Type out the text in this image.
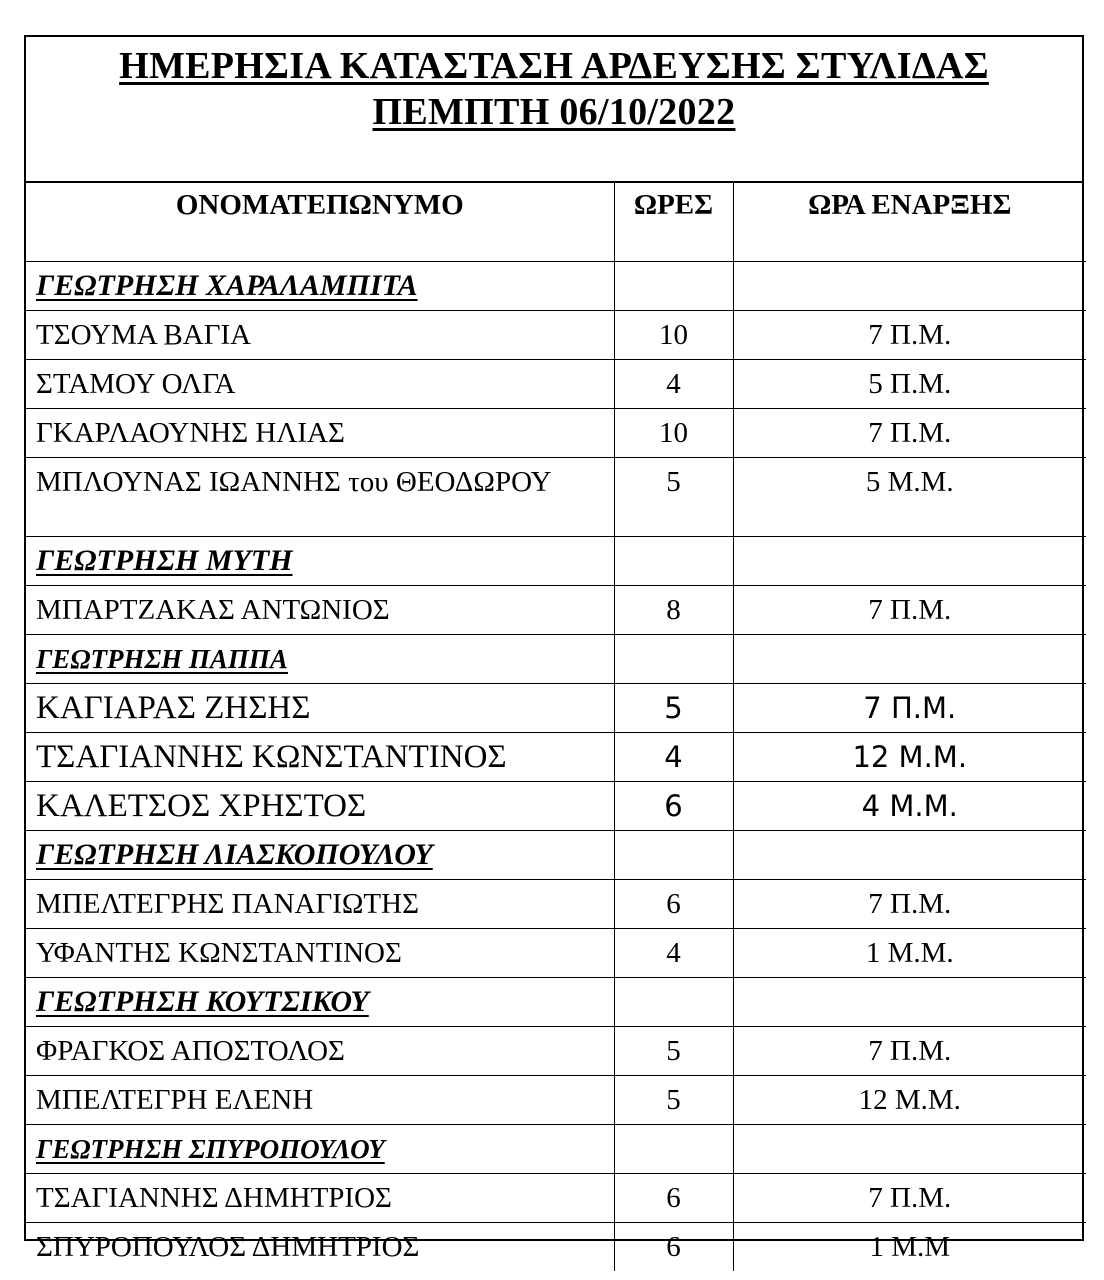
ΗΜΕΡΗΣΙΑ ΚΑΤΑΣΤΑΣΗ ΑΡΔΕΥΣΗΣ ΣΤΥΛΙΔΑΣ
ΠΕΜΠΤΗ 06/10/2022
ΟΝΟΜΑΤΕΠΩΝΥΜΟ	ΩΡΕΣ	ΩΡΑ ΕΝΑΡΞΗΣ
ΓΕΩΤΡΗΣΗ ΧΑΡΑΛΑΜΠΙΤΑ		
ΤΣΟΥΜΑ ΒΑΓΙΑ	10	7 Π.Μ.
ΣΤΑΜΟΥ ΟΛΓΑ	4	5 Π.Μ.
ΓΚΑΡΛΑΟΥΝΗΣ ΗΛΙΑΣ	10	7 Π.Μ.
ΜΠΛΟΥΝΑΣ ΙΩΑΝΝΗΣ του ΘΕΟΔΩΡΟΥ	5	5 Μ.Μ.
ΓΕΩΤΡΗΣΗ ΜΥΤΗ		
ΜΠΑΡΤΖΑΚΑΣ ΑΝΤΩΝΙΟΣ	8	7 Π.Μ.
ΓΕΩΤΡΗΣΗ ΠΑΠΠΑ		
ΚΑΓΙΑΡΑΣ ΖΗΣΗΣ	5	7 Π.Μ.
ΤΣΑΓΙΑΝΝΗΣ ΚΩΝΣΤΑΝΤΙΝΟΣ	4	12 Μ.Μ.
ΚΑΛΕΤΣΟΣ ΧΡΗΣΤΟΣ	6	4 Μ.Μ.
ΓΕΩΤΡΗΣΗ ΛΙΑΣΚΟΠΟΥΛΟΥ		
ΜΠΕΛΤΕΓΡΗΣ ΠΑΝΑΓΙΩΤΗΣ	6	7 Π.Μ.
ΥΦΑΝΤΗΣ ΚΩΝΣΤΑΝΤΙΝΟΣ	4	1 Μ.Μ.
ΓΕΩΤΡΗΣΗ ΚΟΥΤΣΙΚΟΥ		
ΦΡΑΓΚΟΣ ΑΠΟΣΤΟΛΟΣ	5	7 Π.Μ.
ΜΠΕΛΤΕΓΡΗ ΕΛΕΝΗ	5	12 Μ.Μ.
ΓΕΩΤΡΗΣΗ ΣΠΥΡΟΠΟΥΛΟΥ		
ΤΣΑΓΙΑΝΝΗΣ ΔΗΜΗΤΡΙΟΣ	6	7 Π.Μ.
ΣΠΥΡΟΠΟΥΛΟΣ ΔΗΜΗΤΡΙΟΣ	6	1 Μ.Μ
